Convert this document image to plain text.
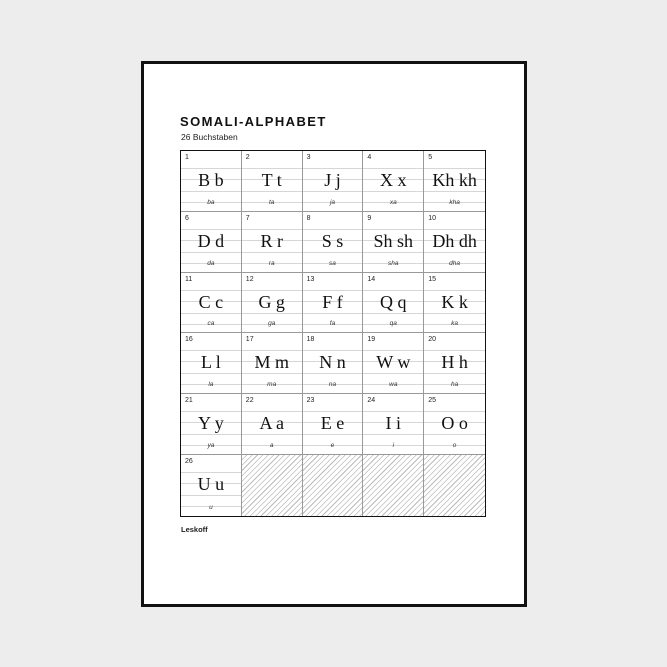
SOMALI-ALPHABET
26 Buchstaben
1
B b
ba
2
T t
ta
3
J j
ja
4
X x
xa
5
Kh kh
kha
6
D d
da
7
R r
ra
8
S s
sa
9
Sh sh
sha
10
Dh dh
dha
11
C c
ca
12
G g
ga
13
F f
fa
14
Q q
qa
15
K k
ka
16
L l
la
17
M m
ma
18
N n
na
19
W w
wa
20
H h
ha
21
Y y
ya
22
A a
a
23
E e
e
24
I i
i
25
O o
o
26
U u
u
Leskoff
